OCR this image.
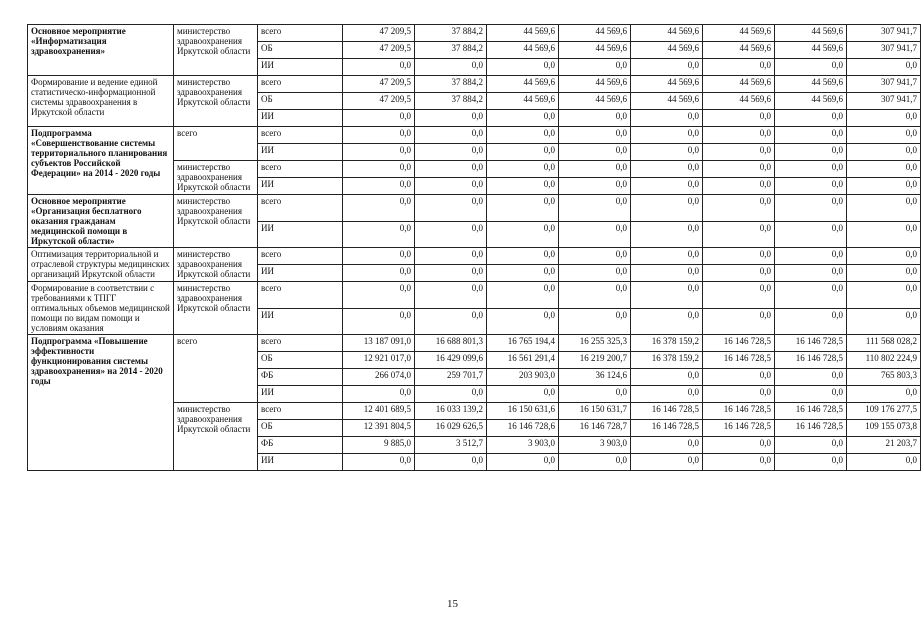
Основное мероприятие «Информатизация здравоохранения»	министерство здравоохранения Иркутской области	всего	47 209,5	37 884,2	44 569,6	44 569,6	44 569,6	44 569,6	44 569,6	307 941,7
		ОБ	47 209,5	37 884,2	44 569,6	44 569,6	44 569,6	44 569,6	44 569,6	307 941,7
		ИИ	0,0	0,0	0,0	0,0	0,0	0,0	0,0	0,0
Формирование и ведение единой статистическо-информационной системы здравоохранения в Иркутской области	министерство здравоохранения Иркутской области	всего	47 209,5	37 884,2	44 569,6	44 569,6	44 569,6	44 569,6	44 569,6	307 941,7
		ОБ	47 209,5	37 884,2	44 569,6	44 569,6	44 569,6	44 569,6	44 569,6	307 941,7
		ИИ	0,0	0,0	0,0	0,0	0,0	0,0	0,0	0,0
Подпрограмма «Совершенствование системы территориального планирования субъектов Российской Федерации» на 2014 - 2020 годы	всего	всего	0,0	0,0	0,0	0,0	0,0	0,0	0,0	0,0
		ИИ	0,0	0,0	0,0	0,0	0,0	0,0	0,0	0,0
	министерство здравоохранения Иркутской области	всего	0,0	0,0	0,0	0,0	0,0	0,0	0,0	0,0
		ИИ	0,0	0,0	0,0	0,0	0,0	0,0	0,0	0,0
Основное мероприятие «Организация бесплатного оказания гражданам медицинской помощи в Иркутской области»	министерство здравоохранения Иркутской области	всего	0,0	0,0	0,0	0,0	0,0	0,0	0,0	0,0
		ИИ	0,0	0,0	0,0	0,0	0,0	0,0	0,0	0,0
Оптимизация территориальной и отраслевой структуры медицинских организаций Иркутской области	министерство здравоохранения Иркутской области	всего	0,0	0,0	0,0	0,0	0,0	0,0	0,0	0,0
		ИИ	0,0	0,0	0,0	0,0	0,0	0,0	0,0	0,0
Формирование в соответствии с требованиями к ТПГГ оптимальных объемов медицинской помощи по видам помощи и условиям оказания	министерство здравоохранения Иркутской области	всего	0,0	0,0	0,0	0,0	0,0	0,0	0,0	0,0
		ИИ	0,0	0,0	0,0	0,0	0,0	0,0	0,0	0,0
Подпрограмма «Повышение эффективности функционирования системы здравоохранения» на 2014 - 2020 годы	всего	всего	13 187 091,0	16 688 801,3	16 765 194,4	16 255 325,3	16 378 159,2	16 146 728,5	16 146 728,5	111 568 028,2
		ОБ	12 921 017,0	16 429 099,6	16 561 291,4	16 219 200,7	16 378 159,2	16 146 728,5	16 146 728,5	110 802 224,9
		ФБ	266 074,0	259 701,7	203 903,0	36 124,6	0,0	0,0	0,0	765 803,3
		ИИ	0,0	0,0	0,0	0,0	0,0	0,0	0,0	0,0
	министерство здравоохранения Иркутской области	всего	12 401 689,5	16 033 139,2	16 150 631,6	16 150 631,7	16 146 728,5	16 146 728,5	16 146 728,5	109 176 277,5
		ОБ	12 391 804,5	16 029 626,5	16 146 728,6	16 146 728,7	16 146 728,5	16 146 728,5	16 146 728,5	109 155 073,8
		ФБ	9 885,0	3 512,7	3 903,0	3 903,0	0,0	0,0	0,0	21 203,7
		ИИ	0,0	0,0	0,0	0,0	0,0	0,0	0,0	0,0
15
